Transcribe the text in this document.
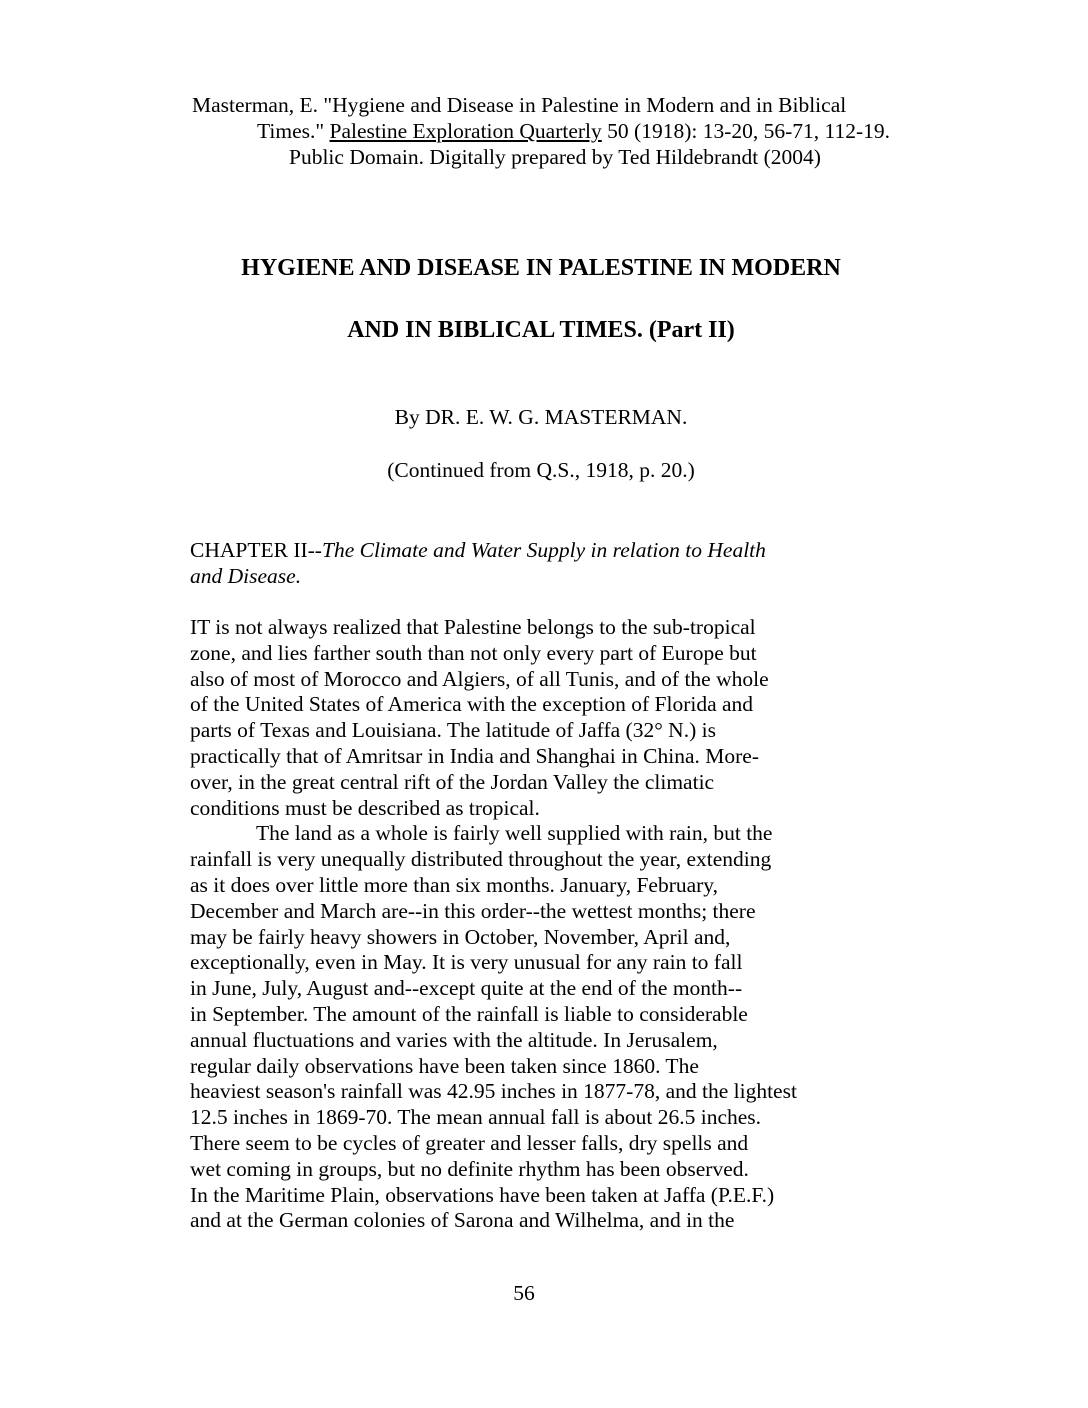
Masterman, E. "Hygiene and Disease in Palestine in Modern and in Biblical
Times." Palestine Exploration Quarterly 50 (1918): 13-20, 56-71, 112-19.
Public Domain. Digitally prepared by Ted Hildebrandt (2004)
HYGIENE AND DISEASE IN PALESTINE IN MODERN
AND IN BIBLICAL TIMES. (Part II)
By DR. E. W. G. MASTERMAN.
(Continued from Q.S., 1918, p. 20.)
CHAPTER II--The Climate and Water Supply in relation to Health
and Disease.
IT is not always realized that Palestine belongs to the sub-tropical
zone, and lies farther south than not only every part of Europe but
also of most of Morocco and Algiers, of all Tunis, and of the whole
of the United States of America with the exception of Florida and
parts of Texas and Louisiana. The latitude of Jaffa (32° N.) is
practically that of Amritsar in India and Shanghai in China. More-
over, in the great central rift of the Jordan Valley the climatic
conditions must be described as tropical.
The land as a whole is fairly well supplied with rain, but the
rainfall is very unequally distributed throughout the year, extending
as it does over little more than six months. January, February,
December and March are--in this order--the wettest months; there
may be fairly heavy showers in October, November, April and,
exceptionally, even in May. It is very unusual for any rain to fall
in June, July, August and--except quite at the end of the month--
in September. The amount of the rainfall is liable to considerable
annual fluctuations and varies with the altitude. In Jerusalem,
regular daily observations have been taken since 1860. The
heaviest season's rainfall was 42.95 inches in 1877-78, and the lightest
12.5 inches in 1869-70. The mean annual fall is about 26.5 inches.
There seem to be cycles of greater and lesser falls, dry spells and
wet coming in groups, but no definite rhythm has been observed.
In the Maritime Plain, observations have been taken at Jaffa (P.E.F.)
and at the German colonies of Sarona and Wilhelma, and in the
56
